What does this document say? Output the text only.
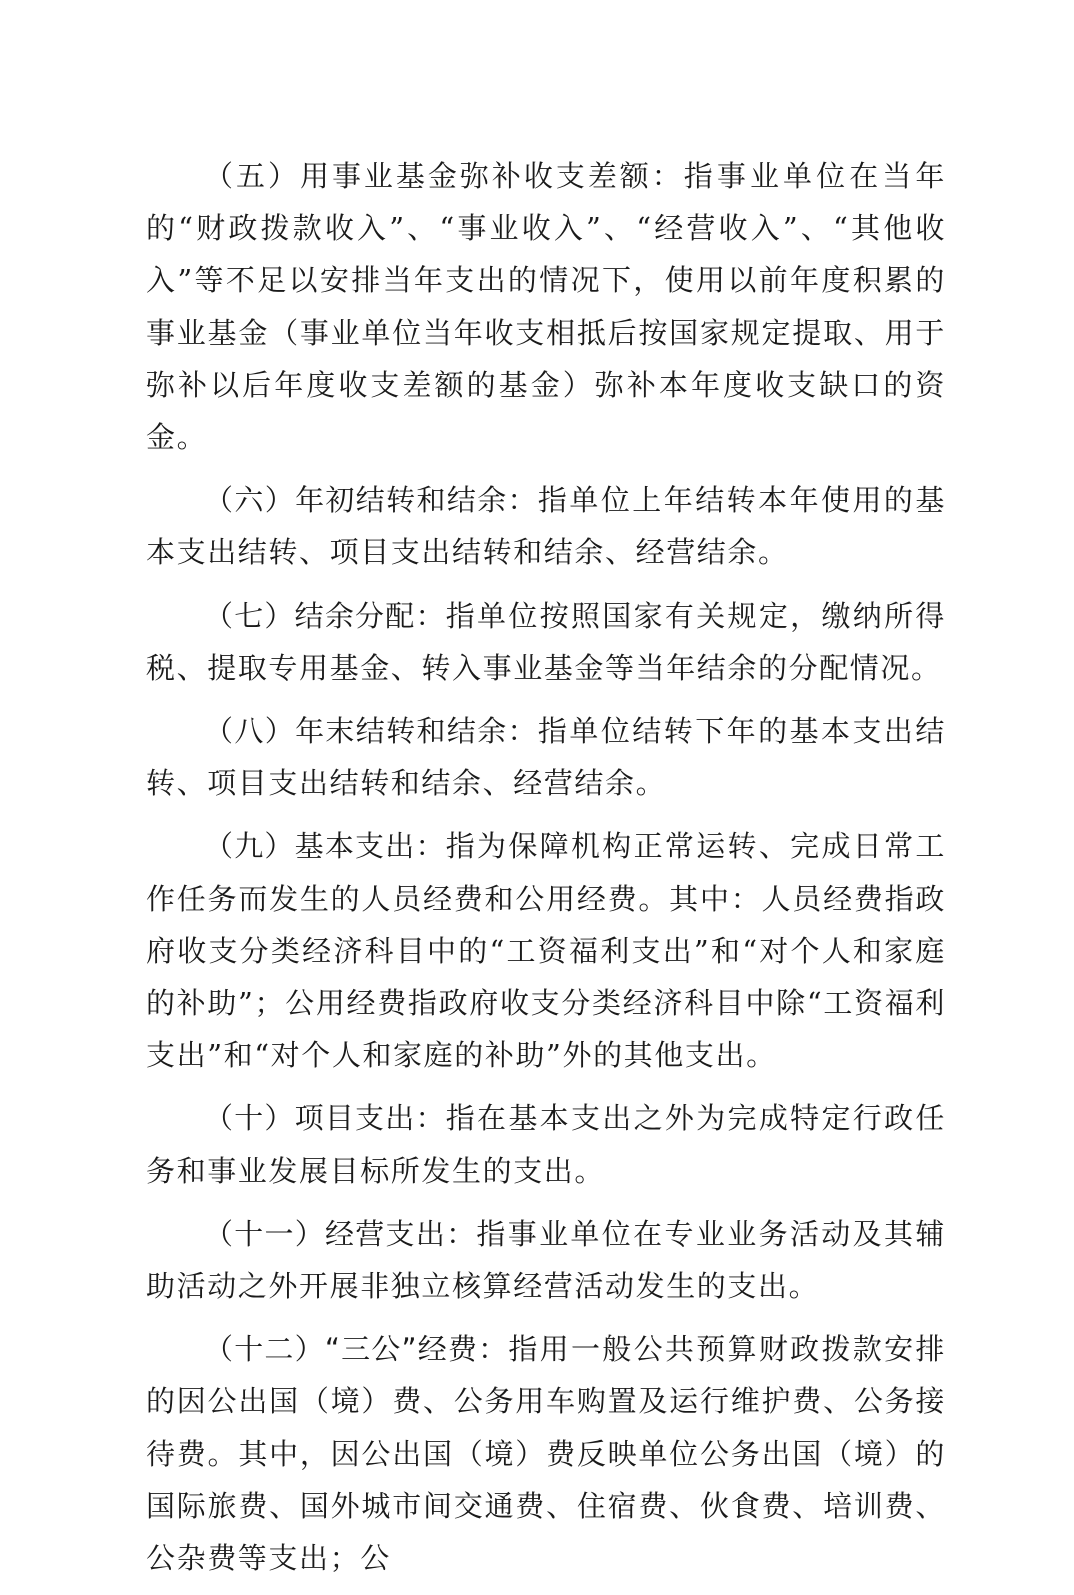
（五）用事业基金弥补收支差额：指事业单位在当年的“财政拨款收入”、“事业收入”、“经营收入”、“其他收入”等不足以安排当年支出的情况下，使用以前年度积累的事业基金（事业单位当年收支相抵后按国家规定提取、用于弥补以后年度收支差额的基金）弥补本年度收支缺口的资金。

（六）年初结转和结余：指单位上年结转本年使用的基本支出结转、项目支出结转和结余、经营结余。

（七）结余分配：指单位按照国家有关规定，缴纳所得税、提取专用基金、转入事业基金等当年结余的分配情况。

（八）年末结转和结余：指单位结转下年的基本支出结转、项目支出结转和结余、经营结余。

（九）基本支出：指为保障机构正常运转、完成日常工作任务而发生的人员经费和公用经费。其中：人员经费指政府收支分类经济科目中的“工资福利支出”和“对个人和家庭的补助”；公用经费指政府收支分类经济科目中除“工资福利支出”和“对个人和家庭的补助”外的其他支出。

（十）项目支出：指在基本支出之外为完成特定行政任务和事业发展目标所发生的支出。

（十一）经营支出：指事业单位在专业业务活动及其辅助活动之外开展非独立核算经营活动发生的支出。

（十二）“三公”经费：指用一般公共预算财政拨款安排的因公出国（境）费、公务用车购置及运行维护费、公务接待费。其中，因公出国（境）费反映单位公务出国（境）的国际旅费、国外城市间交通费、住宿费、伙食费、培训费、公杂费等支出；公
